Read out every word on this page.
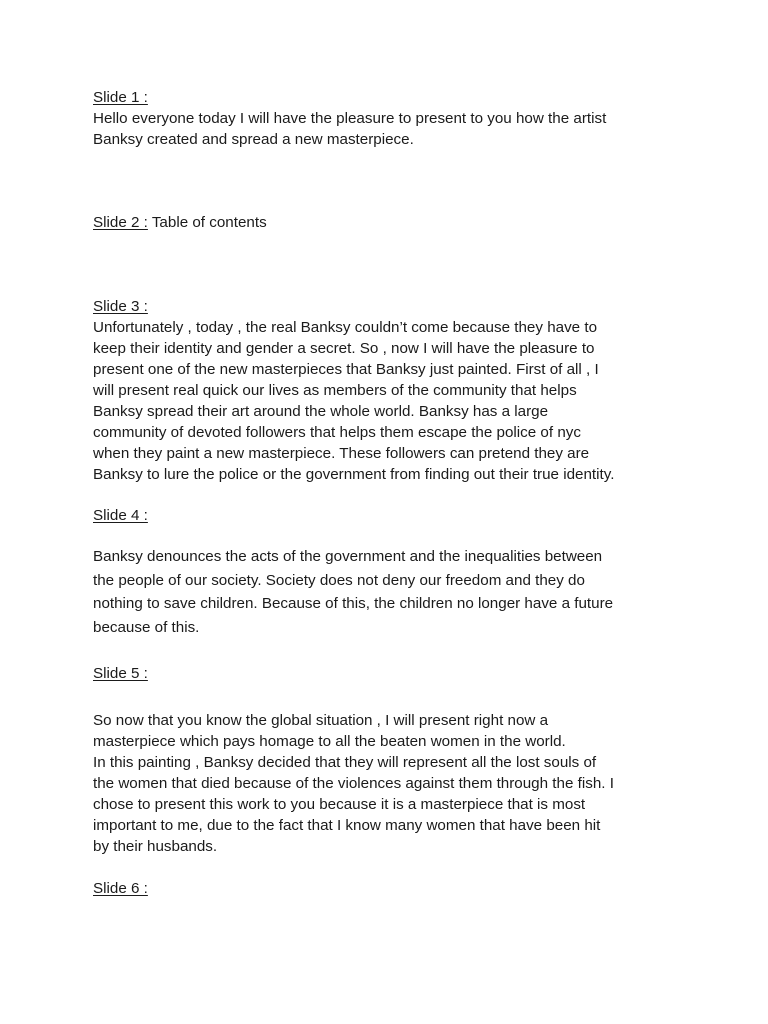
Slide 1 :

Hello everyone today I will have the pleasure to present to you how the artist

Banksy created and spread a new masterpiece.

Slide 2 : Table of contents
Slide 3 :

Unfortunately , today , the real Banksy couldn’t come because they have to

keep their identity and gender a secret. So , now I will have the pleasure to

present one of the new masterpieces that Banksy just painted. First of all , I

will present real quick our lives as members of the community that helps

Banksy spread their art around the whole world. Banksy has a large

community of devoted followers that helps them escape the police of nyc

when they paint a new masterpiece. These followers can pretend they are

Banksy to lure the police or the government from finding out their true identity.

Slide 4 :

Banksy denounces the acts of the government and the inequalities between

the people of our society. Society does not deny our freedom and they do

nothing to save children. Because of this, the children no longer have a future

because of this.

Slide 5 :

So now that you know the global situation , I will present right now a

masterpiece which pays homage to all the beaten women in the world.

In this painting , Banksy decided that they will represent all the lost souls of

the women that died because of the violences against them through the fish. I

chose to present this work to you because it is a masterpiece that is most

important to me, due to the fact that I know many women that have been hit

by their husbands.

Slide 6 :
